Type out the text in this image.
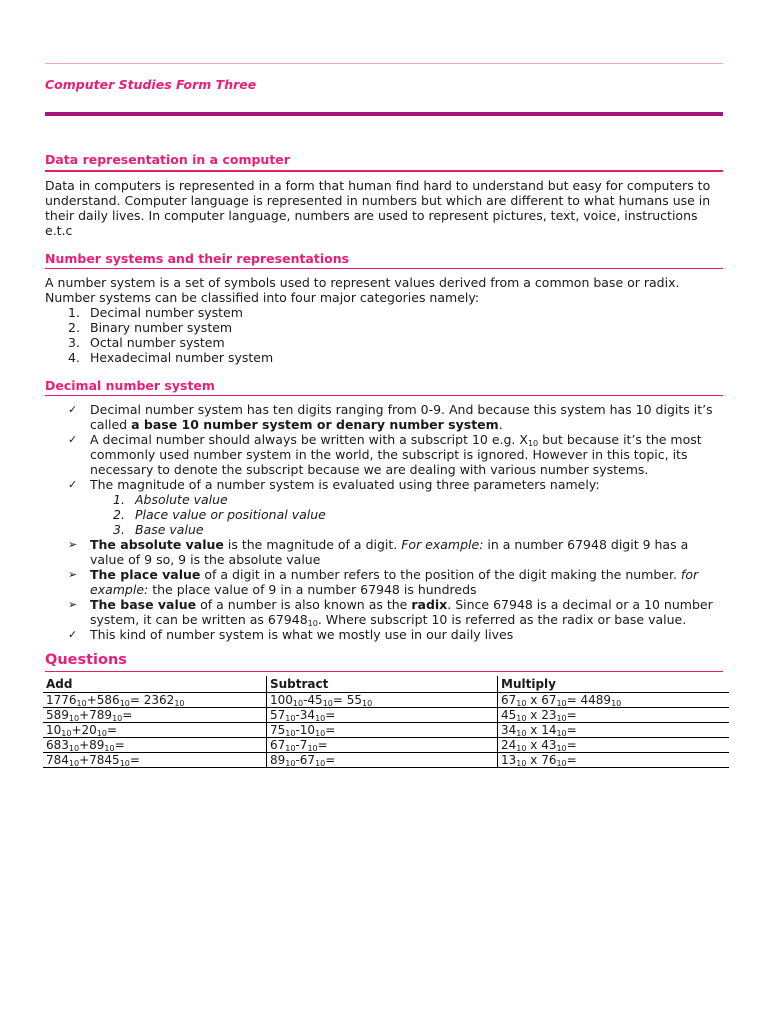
Computer Studies Form Three
Data representation in a computer

Data in computers is represented in a form that human find hard to understand but easy for computers to understand. Computer language is represented in numbers but which are different to what humans use in their daily lives. In computer language, numbers are used to represent pictures, text, voice, instructions e.t.c

Number systems and their representations

A number system is a set of symbols used to represent values derived from a common base or radix.

Number systems can be classified into four major categories namely:

1. Decimal number system
2. Binary number system
3. Octal number system
4. Hexadecimal number system
Decimal number system
✓ Decimal number system has ten digits ranging from 0-9. And because this system has 10 digits it’s called a base 10 number system or denary number system.
✓ A decimal number should always be written with a subscript 10 e.g. $X_{10}$ but because it’s the most commonly used number system in the world, the subscript is ignored. However in this topic, its necessary to denote the subscript because we are dealing with various number systems.
✓ The magnitude of a number system is evaluated using three parameters namely:
1. Absolute value
2. Place value or positional value
3. Base value
➢ The absolute value is the magnitude of a digit. For example: in a number 67948 digit 9 has a value of 9 so, 9 is the absolute value
➢ The place value of a digit in a number refers to the position of the digit making the number. for example: the place value of 9 in a number 67948 is hundreds
➢ The base value of a number is also known as the radix. Since 67948 is a decimal or a 10 number system, it can be written as $67948_{10}$. Where subscript 10 is referred as the radix or base value.
✓ This kind of number system is what we mostly use in our daily lives
Questions
Add	Subtract	Multiply
$1776_{10}+586_{10}= 2362_{10}$	$100_{10}-45_{10}= 55_{10}$	$67_{10}$ x $67_{10}= 4489_{10}$
$589_{10}+789_{10}=$	$57_{10}-34_{10}=$	$45_{10}$ x $23_{10}=$
$10_{10}+20_{10}=$	$75_{10}-10_{10}=$	$34_{10}$ x $14_{10}=$
$683_{10}+89_{10}=$	$67_{10}-7_{10}=$	$24_{10}$ x $43_{10}=$
$784_{10}+7845_{10}=$	$89_{10}-67_{10}=$	$13_{10}$ x $76_{10}=$
